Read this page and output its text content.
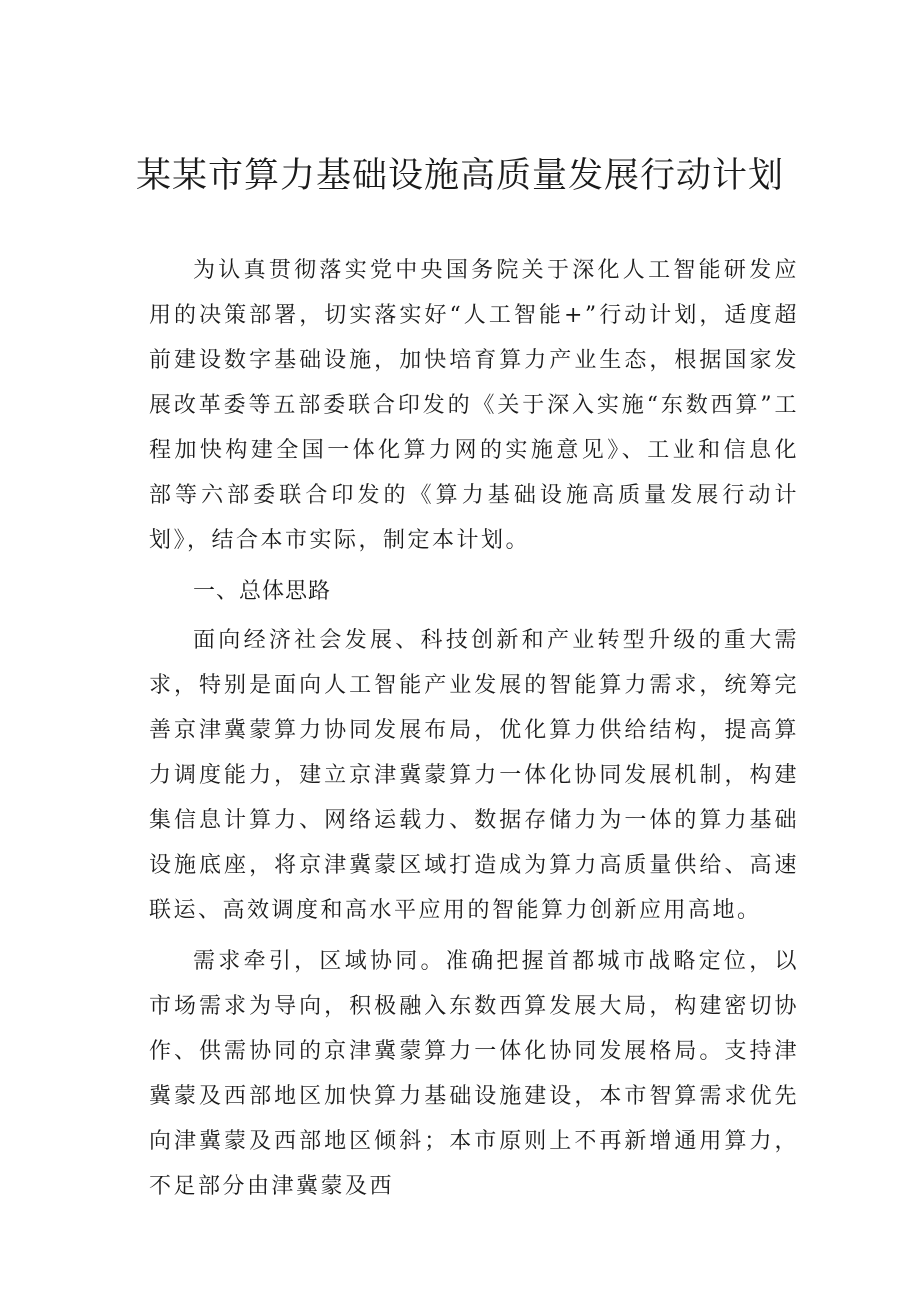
某某市算力基础设施高质量发展行动计划

为认真贯彻落实党中央国务院关于深化人工智能研发应用的决策部署，切实落实好“人工智能+”行动计划，适度超前建设数字基础设施，加快培育算力产业生态，根据国家发展改革委等五部委联合印发的《关于深入实施“东数西算”工程加快构建全国一体化算力网的实施意见》、工业和信息化部等六部委联合印发的《算力基础设施高质量发展行动计划》，结合本市实际，制定本计划。

一、总体思路

面向经济社会发展、科技创新和产业转型升级的重大需求，特别是面向人工智能产业发展的智能算力需求，统筹完善京津冀蒙算力协同发展布局，优化算力供给结构，提高算力调度能力，建立京津冀蒙算力一体化协同发展机制，构建集信息计算力、网络运载力、数据存储力为一体的算力基础设施底座，将京津冀蒙区域打造成为算力高质量供给、高速联运、高效调度和高水平应用的智能算力创新应用高地。

需求牵引，区域协同。准确把握首都城市战略定位，以市场需求为导向，积极融入东数西算发展大局，构建密切协作、供需协同的京津冀蒙算力一体化协同发展格局。支持津冀蒙及西部地区加快算力基础设施建设，本市智算需求优先向津冀蒙及西部地区倾斜；本市原则上不再新增通用算力，不足部分由津冀蒙及西
